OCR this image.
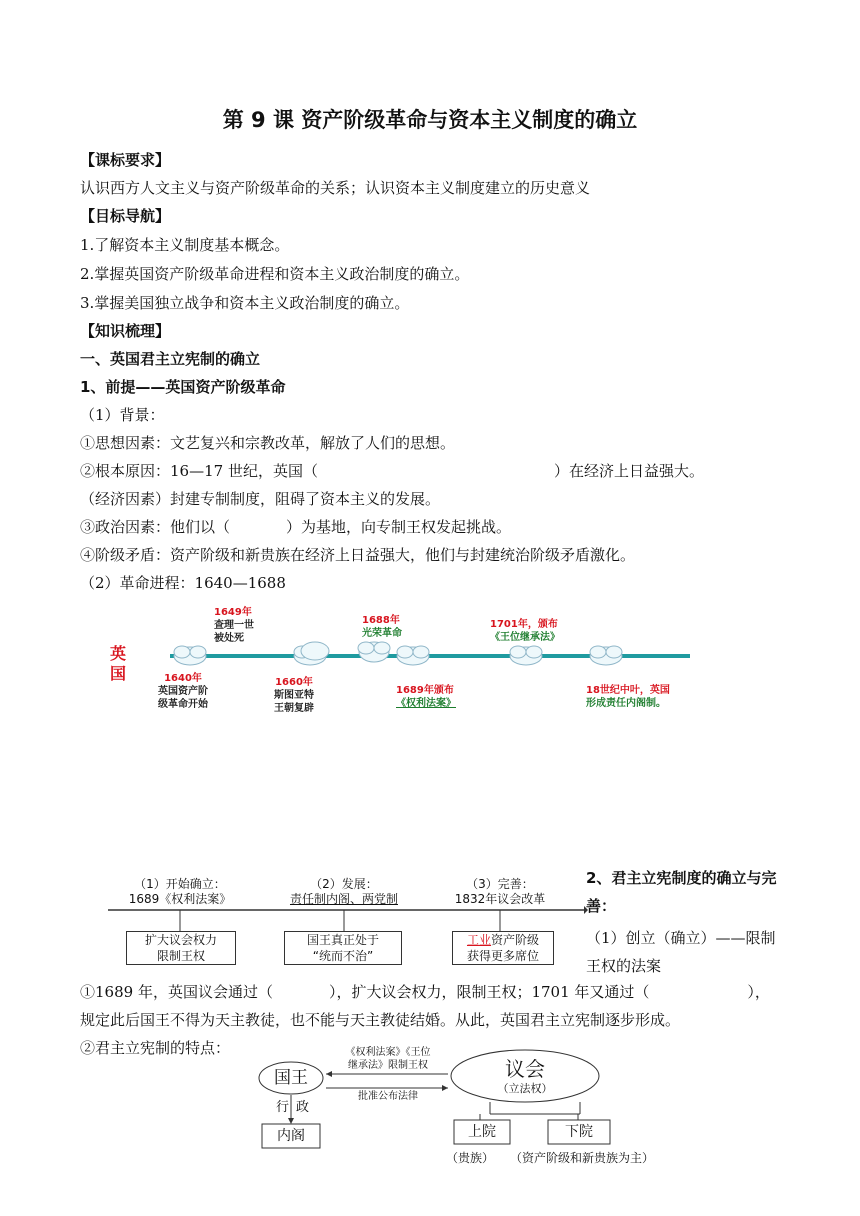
第 9 课 资产阶级革命与资本主义制度的确立
【课标要求】
认识西方人文主义与资产阶级革命的关系；认识资本主义制度建立的历史意义
【目标导航】
1.了解资本主义制度基本概念。
2.掌握英国资产阶级革命进程和资本主义政治制度的确立。
3.掌握美国独立战争和资本主义政治制度的确立。
【知识梳理】
一、英国君主立宪制的确立
1、前提——英国资产阶级革命
（1）背景：
①思想因素：文艺复兴和宗教改革，解放了人们的思想。
②根本原因：16—17 世纪，英国（	）在经济上日益强大。
（经济因素）封建专制制度，阻碍了资本主义的发展。
③政治因素：他们以（	）为基地，向专制王权发起挑战。
④阶级矛盾：资产阶级和新贵族在经济上日益强大，他们与封建统治阶级矛盾激化。
（2）革命进程：1640—1688
英
国
1649年
查理一世
被处死
1688年
光荣革命
1701年，颁布
《王位继承法》
1640年
英国资产阶
级革命开始
1660年
斯图亚特
王朝复辟
1689年颁布
《权利法案》
18世纪中叶，英国
形成责任内阁制。
（1）开始确立：
1689《权利法案》
（2）发展：
责任制内阁、两党制
（3）完善：
1832年议会改革
扩大议会权力
限制王权
国王真正处于
“统而不治”
工业资产阶级
获得更多席位
2、君主立宪制度的确立与完善：
（1）创立（确立）——限制王权的法案
①1689 年，英国议会通过（	），扩大议会权力，限制王权；1701 年又通过（	），
规定此后国王不得为天主教徒，也不能与天主教徒结婚。从此，英国君主立宪制逐步形成。
②君主立宪制的特点：
国王	议会
（立法权）
《权利法案》《王位
继承法》限制王权
批准公布法律
行 政
内阁	上院	下院
（贵族） （资产阶级和新贵族为主）
